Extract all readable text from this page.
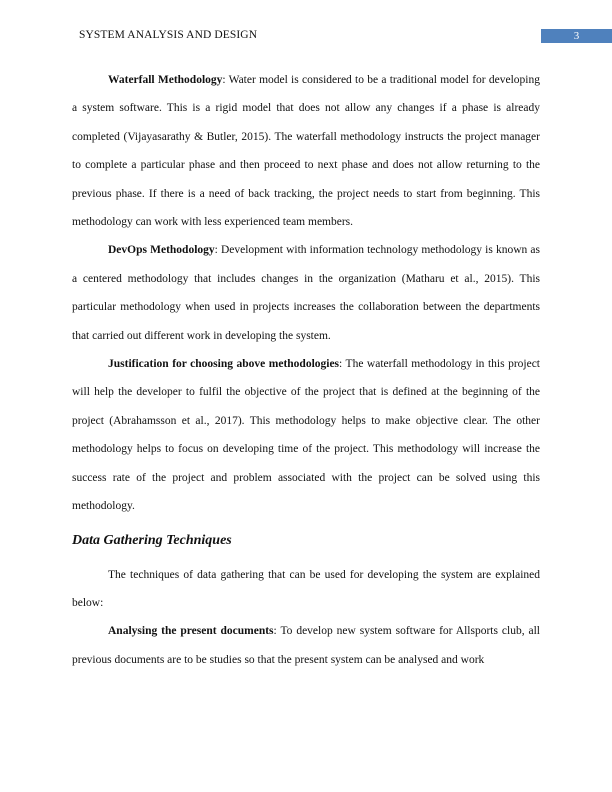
SYSTEM ANALYSIS AND DESIGN	3

Waterfall Methodology: Water model is considered to be a traditional model for developing a system software. This is a rigid model that does not allow any changes if a phase is already completed (Vijayasarathy & Butler, 2015). The waterfall methodology instructs the project manager to complete a particular phase and then proceed to next phase and does not allow returning to the previous phase. If there is a need of back tracking, the project needs to start from beginning. This methodology can work with less experienced team members.

DevOps Methodology: Development with information technology methodology is known as a centered methodology that includes changes in the organization (Matharu et al., 2015). This particular methodology when used in projects increases the collaboration between the departments that carried out different work in developing the system.

Justification for choosing above methodologies: The waterfall methodology in this project will help the developer to fulfil the objective of the project that is defined at the beginning of the project (Abrahamsson et al., 2017). This methodology helps to make objective clear. The other methodology helps to focus on developing time of the project. This methodology will increase the success rate of the project and problem associated with the project can be solved using this methodology.

Data Gathering Techniques

The techniques of data gathering that can be used for developing the system are explained below:

Analysing the present documents: To develop new system software for Allsports club, all previous documents are to be studies so that the present system can be analysed and work
